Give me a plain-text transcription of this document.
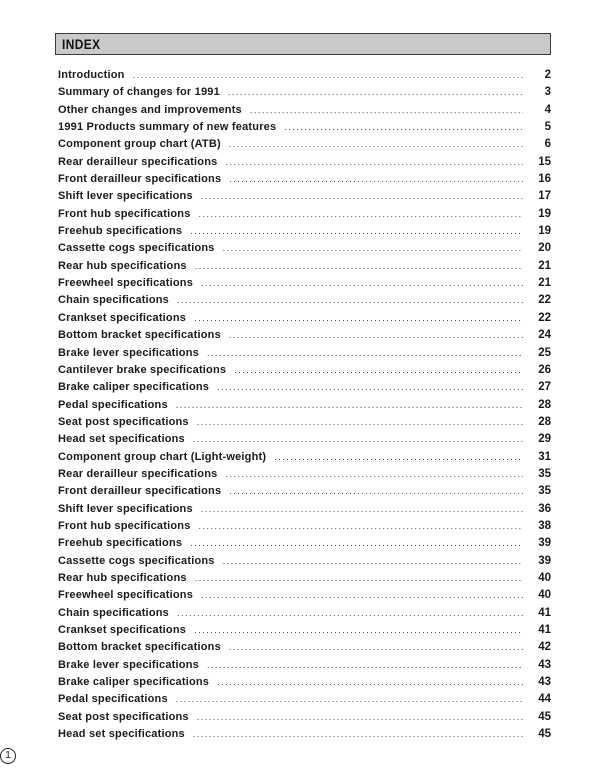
INDEX
Introduction .....	2
Summary of changes for 1991 .....	3
Other changes and improvements .....	4
1991 Products summary of new features .....	5
Component group chart (ATB) .....	6
Rear derailleur specifications .....	15
Front derailleur specifications .....	16
Shift lever specifications .....	17
Front hub specifications .....	19
Freehub specifications .....	19
Cassette cogs specifications .....	20
Rear hub specifications .....	21
Freewheel specifications .....	21
Chain specifications .....	22
Crankset specifications .....	22
Bottom bracket specifications .....	24
Brake lever specifications .....	25
Cantilever brake specifications .....	26
Brake caliper specifications .....	27
Pedal specifications .....	28
Seat post specifications .....	28
Head set specifications .....	29
Component group chart (Light-weight) .....	31
Rear derailleur specifications .....	35
Front derailleur specifications .....	35
Shift lever specifications .....	36
Front hub specifications .....	38
Freehub specifications .....	39
Cassette cogs specifications .....	39
Rear hub specifications .....	40
Freewheel specifications .....	40
Chain specifications .....	41
Crankset specifications .....	41
Bottom bracket specifications .....	42
Brake lever specifications .....	43
Brake caliper specifications .....	43
Pedal specifications .....	44
Seat post specifications .....	45
Head set specifications .....	45
1
